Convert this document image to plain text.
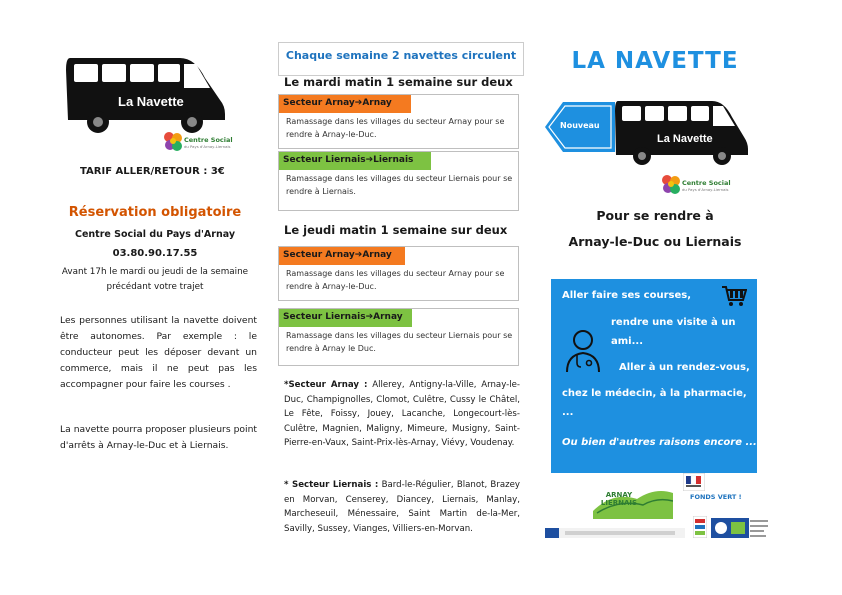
La Navette
Centre Social
du Pays d'Arnay-Liernais
TARIF ALLER/RETOUR : 3€
Réservation obligatoire
Centre Social du Pays d'Arnay
03.80.90.17.55
Avant 17h le mardi ou jeudi de la semaine précédant votre trajet
Les personnes utilisant la navette doivent être autonomes. Par exemple : le conducteur peut les déposer devant un commerce, mais il ne peut pas les accompagner pour faire les courses .
La navette pourra proposer plusieurs point d'arrêts à Arnay-le-Duc et à Liernais.
Chaque semaine 2 navettes circulent
Le mardi matin 1 semaine sur deux
Secteur Arnay➔Arnay
Ramassage dans les villages du secteur Arnay pour se rendre à Arnay-le-Duc.
Secteur Liernais➔Liernais
Ramassage dans les villages du secteur Liernais pour se rendre à Liernais.
Le jeudi matin 1 semaine sur deux
Secteur Arnay➔Arnay
Ramassage dans les villages du secteur Arnay pour se rendre à Arnay-le-Duc.
Secteur Liernais➔Arnay
Ramassage dans les villages du secteur Liernais pour se rendre à Arnay le Duc.
*Secteur Arnay : Allerey, Antigny-la-Ville, Arnay-le-Duc, Champignolles, Clomot, Culêtre, Cussy le Châtel, Le Fête, Foissy, Jouey, Lacanche, Longecourt-lès-Culêtre, Magnien, Maligny, Mimeure, Musigny, Saint-Pierre-en-Vaux, Saint-Prix-lès-Arnay, Viévy, Voudenay.
* Secteur Liernais : Bard-le-Régulier, Blanot, Brazey en Morvan, Censerey, Diancey, Liernais, Manlay, Marcheseuil, Ménessaire, Saint Martin de-la-Mer, Savilly, Sussey, Vianges, Villiers-en-Morvan.
LA NAVETTE
Nouveau
La Navette
Centre Social
du Pays d'Arnay-Liernais
Pour se rendre à
Arnay-le-Duc ou Liernais
Aller faire ses courses,
rendre une visite à un
ami...
Aller à un rendez-vous,
chez le médecin, à la pharmacie,
...
Ou bien d'autres raisons encore ...
ARNAY LIERNAIS
FONDS VERT !
